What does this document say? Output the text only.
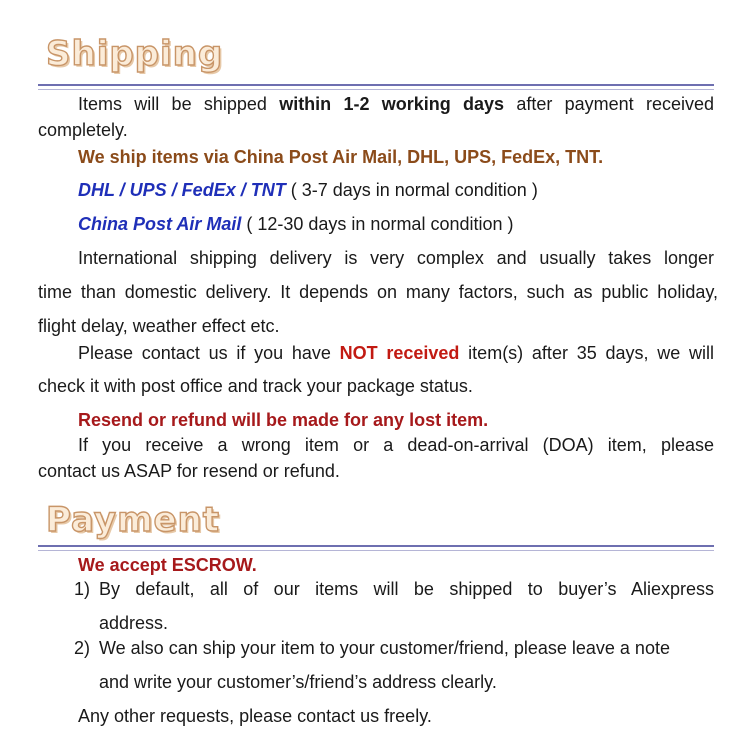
Shipping
Items will be shipped within 1-2 working days after payment received
completely.
We ship items via China Post Air Mail, DHL, UPS, FedEx, TNT.
DHL / UPS / FedEx / TNT ( 3-7 days in normal condition )
China Post Air Mail ( 12-30 days in normal condition )
International shipping delivery is very complex and usually takes longer
time than domestic delivery. It depends on many factors, such as public holiday,
flight delay, weather effect etc.
Please contact us if you have NOT received item(s) after 35 days, we will
check it with post office and track your package status.
Resend or refund will be made for any lost item.
If you receive a wrong item or a dead-on-arrival (DOA) item, please
contact us ASAP for resend or refund.
Payment
We accept ESCROW.
1) By default, all of our items will be shipped to buyer’s Aliexpress
address.
2) We also can ship your item to your customer/friend, please leave a note
and write your customer’s/friend’s address clearly.
Any other requests, please contact us freely.
